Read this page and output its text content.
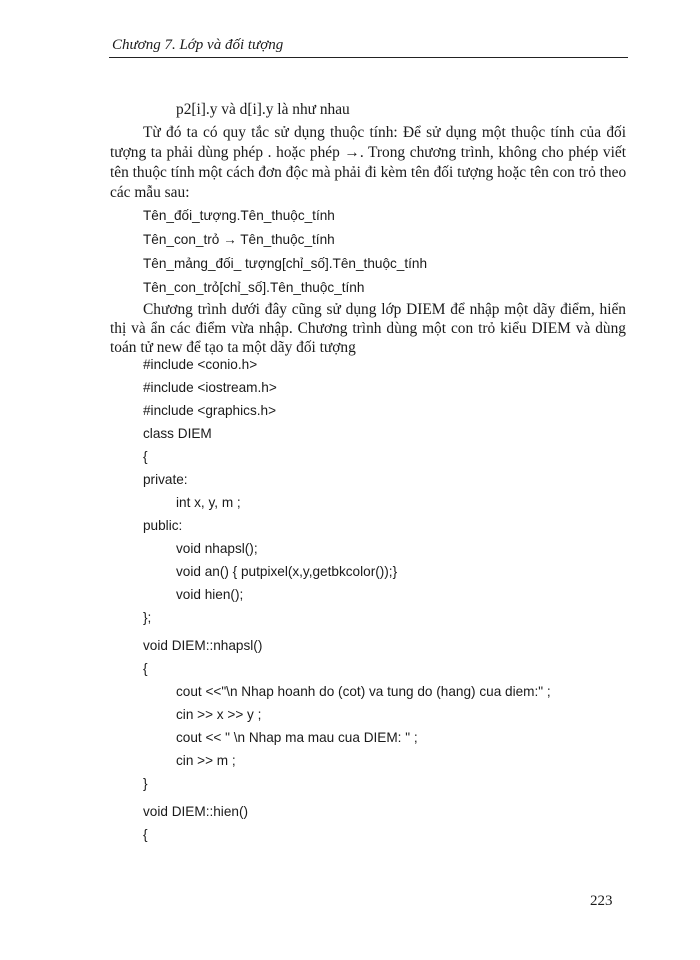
Chương 7. Lớp và đối tượng
p2[i].y và d[i].y là như nhau
Từ đó ta có quy tắc sử dụng thuộc tính: Để sử dụng một thuộc tính của đối
tượng ta phải dùng phép . hoặc phép →. Trong chương trình, không cho phép viết
tên thuộc tính một cách đơn độc mà phải đi kèm tên đối tượng hoặc tên con trỏ theo
các mẫu sau:
Tên_đối_tượng.Tên_thuộc_tính
Tên_con_trỏ → Tên_thuộc_tính
Tên_mảng_đối_ tượng[chỉ_số].Tên_thuộc_tính
Tên_con_trỏ[chỉ_số].Tên_thuộc_tính
Chương trình dưới đây cũng sử dụng lớp DIEM để nhập một dãy điểm, hiển
thị và ẩn các điểm vừa nhập. Chương trình dùng một con trỏ kiểu DIEM và dùng
toán tử new để tạo ta một dãy đối tượng
#include <conio.h>
#include <iostream.h>
#include <graphics.h>
class DIEM
{
private:
int x, y, m ;
public:
void nhapsl();
void an() { putpixel(x,y,getbkcolor());}
void hien();
};
void DIEM::nhapsl()
{
cout <<"\n Nhap hoanh do (cot) va tung do (hang) cua diem:" ;
cin >> x >> y ;
cout << " \n Nhap ma mau cua DIEM: " ;
cin >> m ;
}
void DIEM::hien()
{
223
